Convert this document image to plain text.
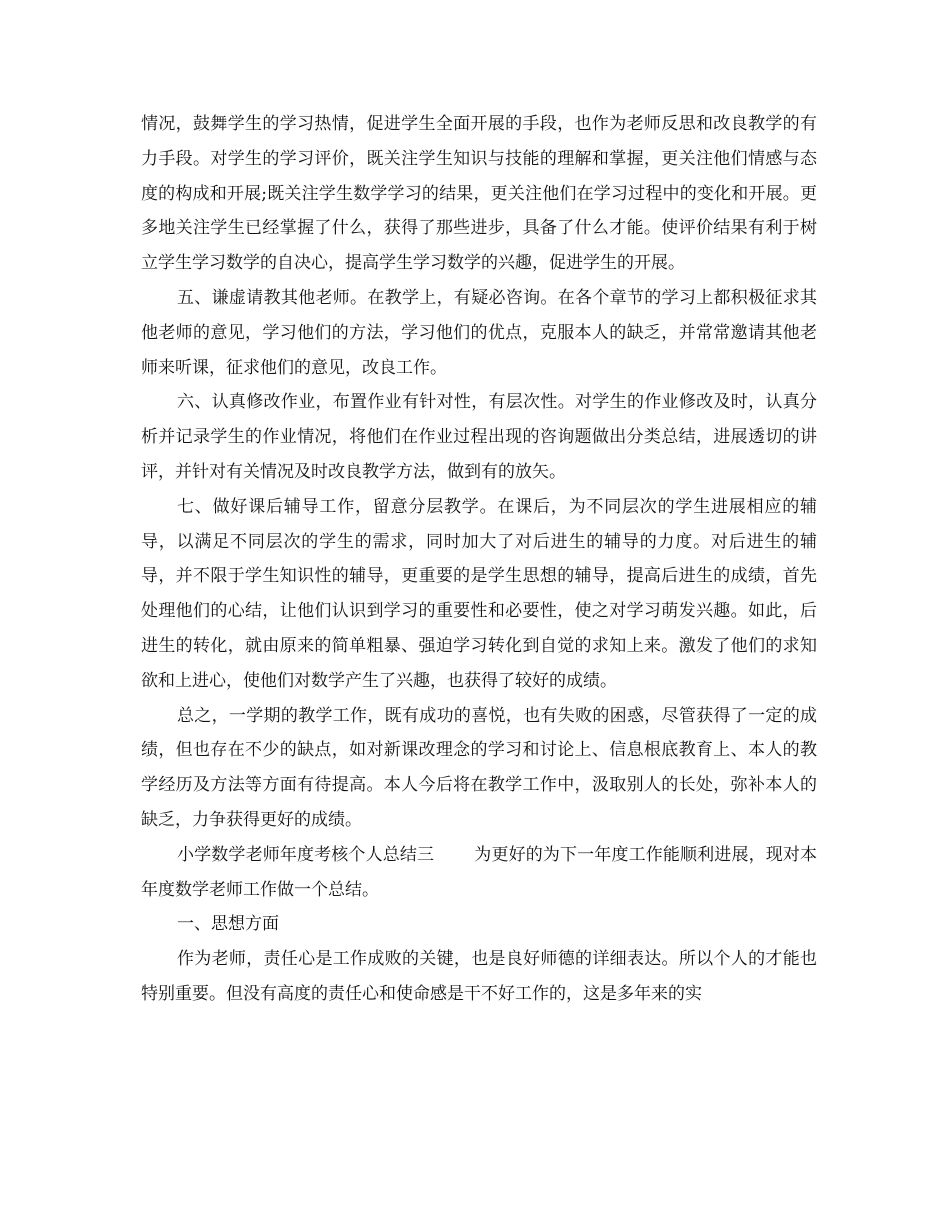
情况，鼓舞学生的学习热情，促进学生全面开展的手段，也作为老师反思和改良教学的有力手段。对学生的学习评价，既关注学生知识与技能的理解和掌握，更关注他们情感与态度的构成和开展;既关注学生数学学习的结果，更关注他们在学习过程中的变化和开展。更多地关注学生已经掌握了什么，获得了那些进步，具备了什么才能。使评价结果有利于树立学生学习数学的自决心，提高学生学习数学的兴趣，促进学生的开展。

五、谦虚请教其他老师。在教学上，有疑必咨询。在各个章节的学习上都积极征求其他老师的意见，学习他们的方法，学习他们的优点，克服本人的缺乏，并常常邀请其他老师来听课，征求他们的意见，改良工作。

六、认真修改作业，布置作业有针对性，有层次性。对学生的作业修改及时，认真分析并记录学生的作业情况，将他们在作业过程出现的咨询题做出分类总结，进展透切的讲评，并针对有关情况及时改良教学方法，做到有的放矢。

七、做好课后辅导工作，留意分层教学。在课后，为不同层次的学生进展相应的辅导，以满足不同层次的学生的需求，同时加大了对后进生的辅导的力度。对后进生的辅导，并不限于学生知识性的辅导，更重要的是学生思想的辅导，提高后进生的成绩，首先处理他们的心结，让他们认识到学习的重要性和必要性，使之对学习萌发兴趣。如此，后进生的转化，就由原来的简单粗暴、强迫学习转化到自觉的求知上来。激发了他们的求知欲和上进心，使他们对数学产生了兴趣，也获得了较好的成绩。

总之，一学期的教学工作，既有成功的喜悦，也有失败的困惑，尽管获得了一定的成绩，但也存在不少的缺点，如对新课改理念的学习和讨论上、信息根底教育上、本人的教学经历及方法等方面有待提高。本人今后将在教学工作中，汲取别人的长处，弥补本人的缺乏，力争获得更好的成绩。

小学数学老师年度考核个人总结三 为更好的为下一年度工作能顺利进展，现对本年度数学老师工作做一个总结。

一、思想方面

作为老师，责任心是工作成败的关键，也是良好师德的详细表达。所以个人的才能也特别重要。但没有高度的责任心和使命感是干不好工作的，这是多年来的实
